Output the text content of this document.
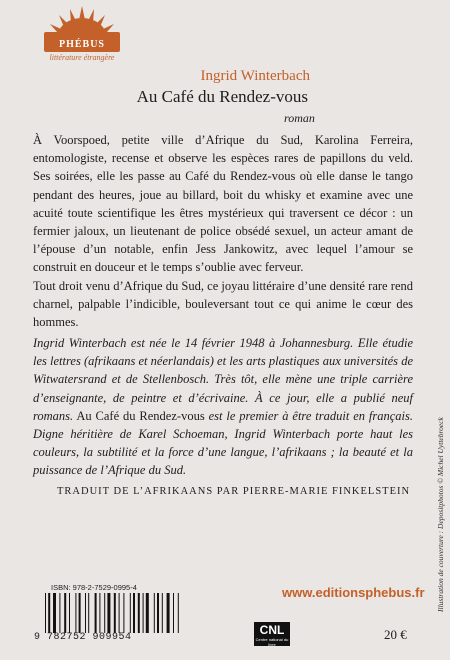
PHÉBUS
littérature étrangère
Ingrid Winterbach
Au Café du Rendez-vous
roman

À Voorspoed, petite ville d’Afrique du Sud, Karolina Ferreira, entomologiste, recense et observe les espèces rares de papillons du veld. Ses soirées, elle les passe au Café du Rendez-vous où elle danse le tango pendant des heures, joue au billard, boit du whisky et examine avec une acuité toute scientifique les êtres mystérieux qui traversent ce décor : un fermier jaloux, un lieutenant de police obsédé sexuel, un acteur amant de l’épouse d’un notable, enfin Jess Jankowitz, avec lequel l’amour se construit en douceur et le temps s’oublie avec ferveur.

Tout droit venu d’Afrique du Sud, ce joyau littéraire d’une densité rare rend charnel, palpable l’indicible, bouleversant tout ce qui anime le cœur des hommes.

Ingrid Winterbach est née le 14 février 1948 à Johannesburg. Elle étudie les lettres (afrikaans et néerlandais) et les arts plastiques aux universités de Witwatersrand et de Stellenbosch. Très tôt, elle mène une triple carrière d’enseignante, de peintre et d’écrivaine. À ce jour, elle a publié neuf romans. Au Café du Rendez-vous est le premier à être traduit en français. Digne héritière de Karel Schoeman, Ingrid Winterbach porte haut les couleurs, la subtilité et la force d’une langue, l’afrikaans ; la beauté et la puissance de l’Afrique du Sud.

TRADUIT DE L’AFRIKAANS PAR PIERRE-MARIE FINKELSTEIN
ISBN: 978-2-7529-0995-4
9 782752 909954
www.editionsphebus.fr
CNL
Centre national du livre
20 €
Illustration de couverture : Depositphotos © Michel Uyttebroeck
